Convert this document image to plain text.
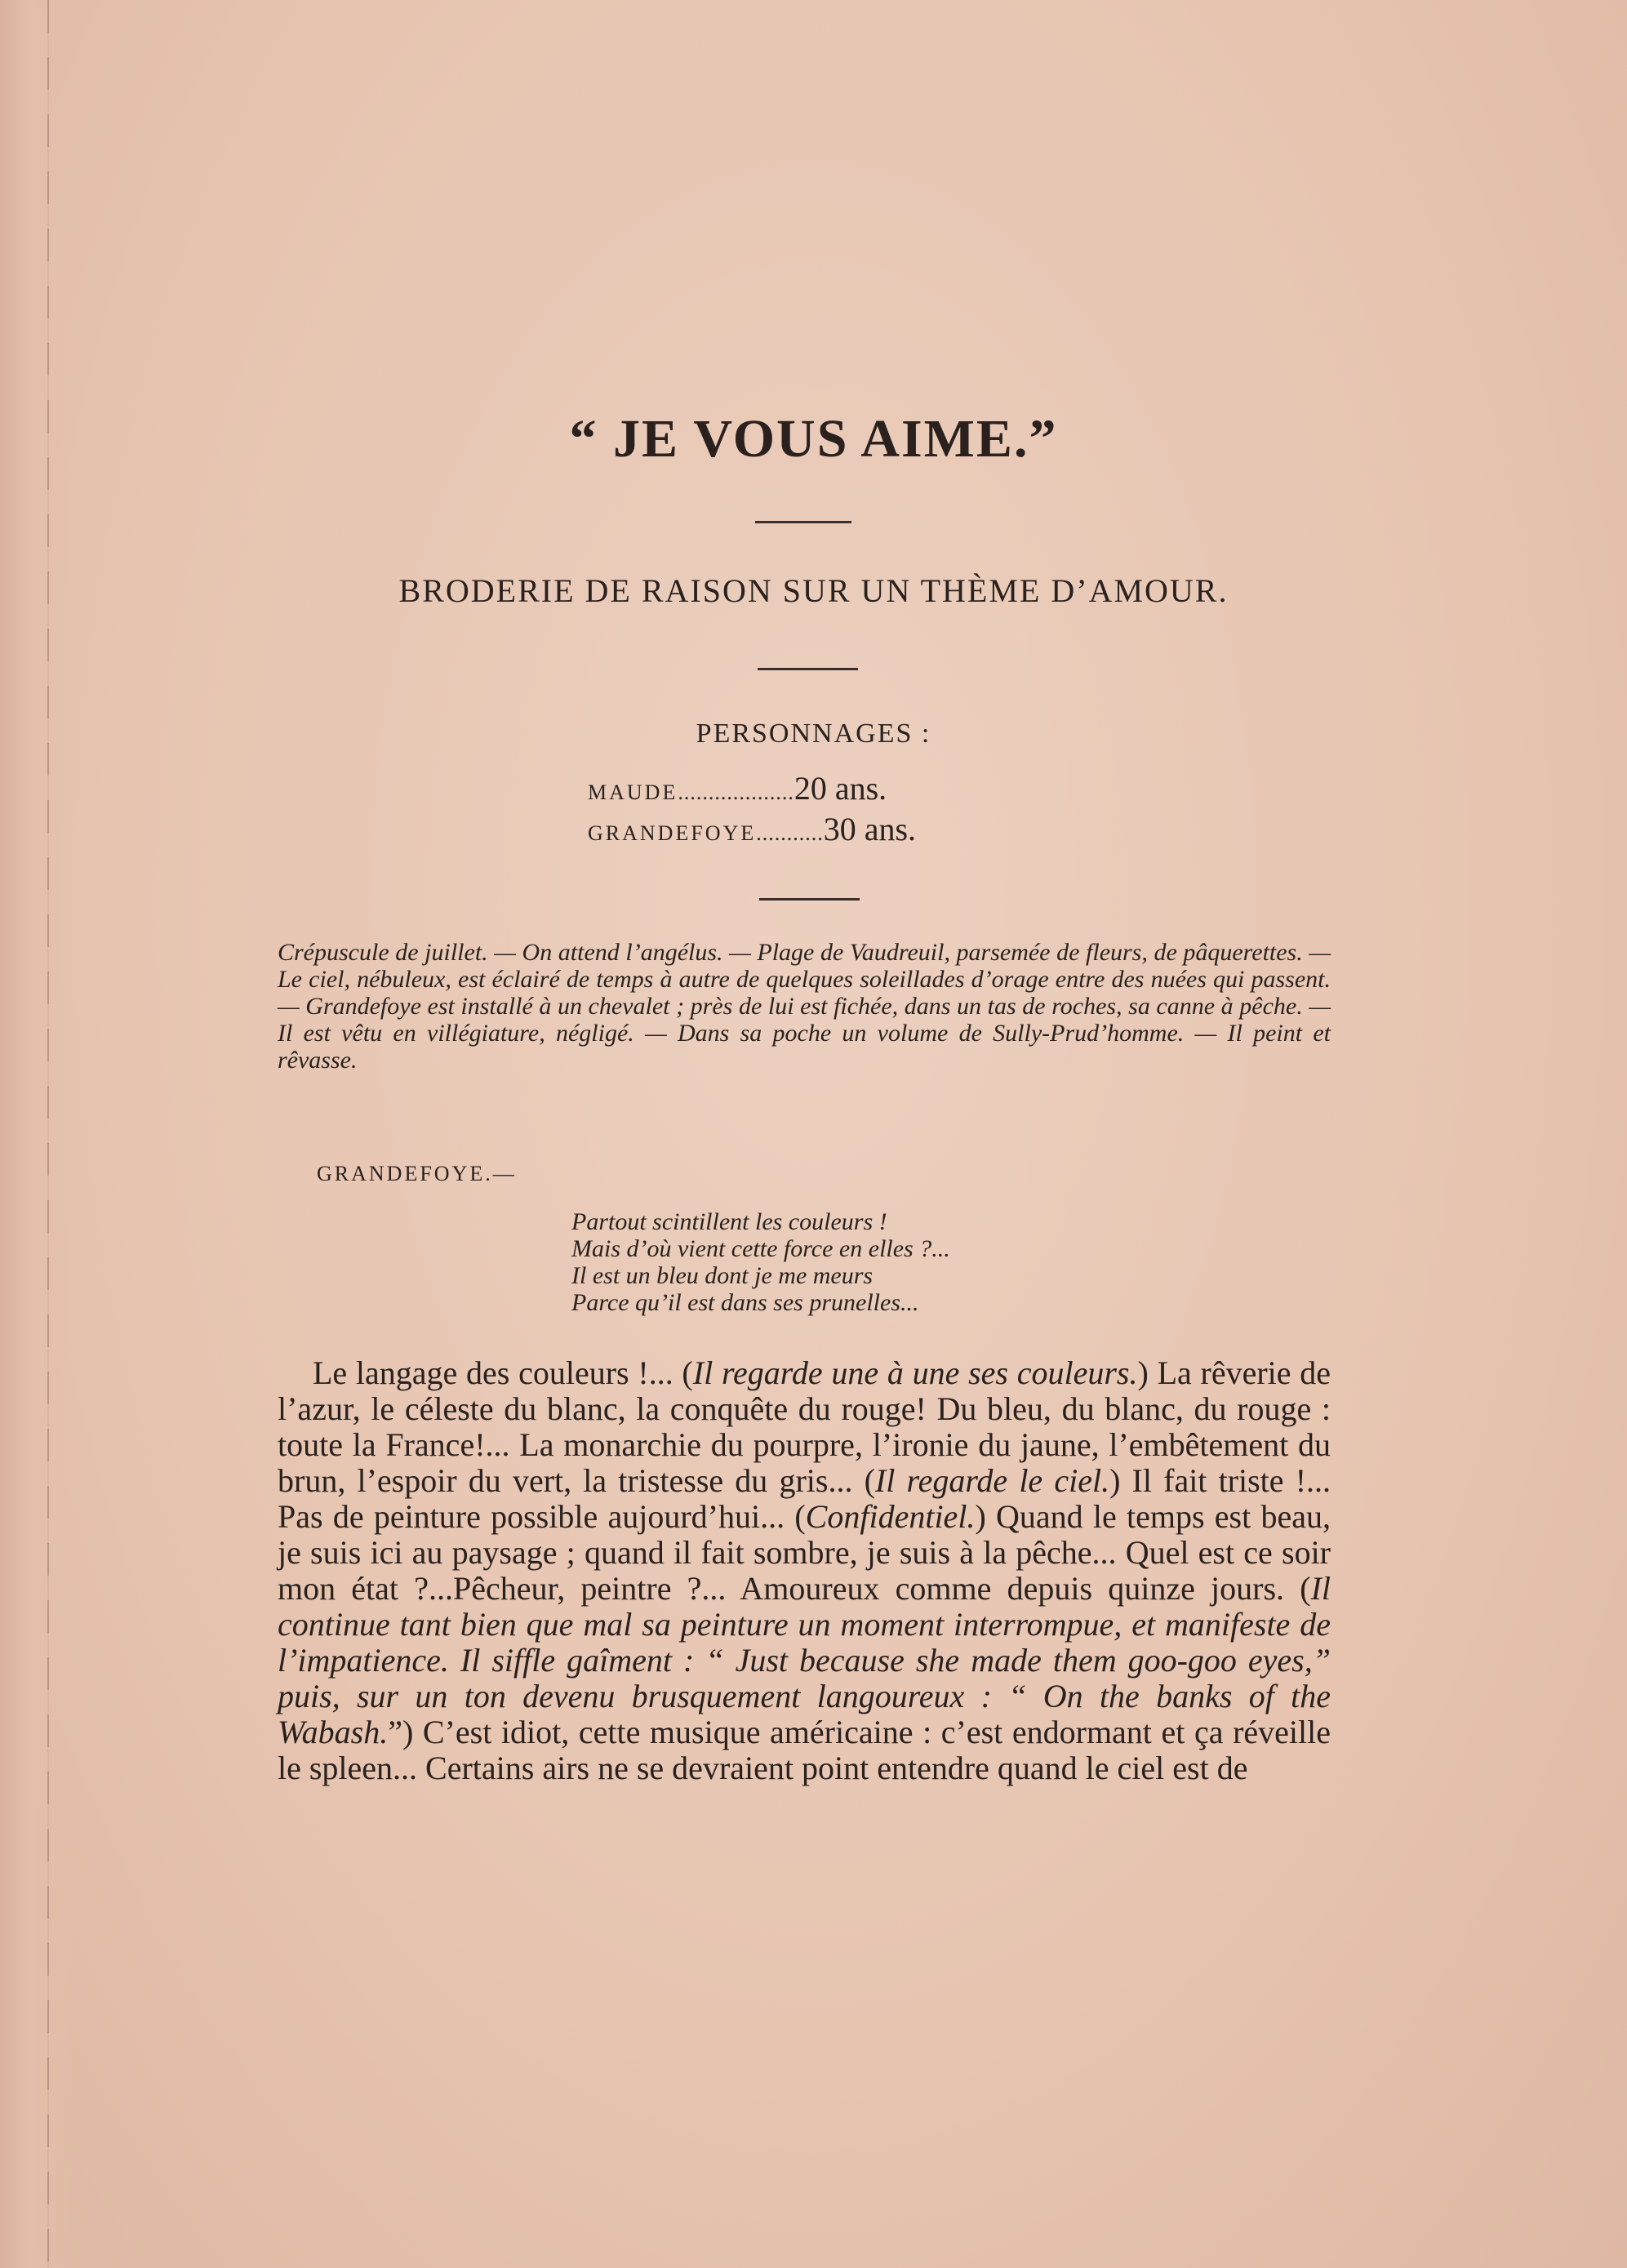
“ JE VOUS AIME.”
BRODERIE DE RAISON SUR UN THÈME D’AMOUR.
PERSONNAGES :
MAUDE...................20 ans.
GRANDEFOYE...........30 ans.
Crépuscule de juillet. — On attend l’angélus. — Plage de Vaudreuil, parsemée de fleurs, de pâquerettes. — Le ciel, nébuleux, est éclairé de temps à autre de quelques soleillades d’orage entre des nuées qui passent. — Grandefoye est installé à un chevalet ; près de lui est fichée, dans un tas de roches, sa canne à pêche. — Il est vêtu en villégiature, négligé. — Dans sa poche un volume de Sully-Prud’homme. — Il peint et rêvasse.
GRANDEFOYE.—
Partout scintillent les couleurs !
Mais d’où vient cette force en elles ?...
Il est un bleu dont je me meurs
Parce qu’il est dans ses prunelles...
Le langage des couleurs !... (Il regarde une à une ses couleurs.) La rêverie de l’azur, le céleste du blanc, la conquête du rouge! Du bleu, du blanc, du rouge : toute la France!... La monarchie du pourpre, l’ironie du jaune, l’embêtement du brun, l’espoir du vert, la tristesse du gris... (Il regarde le ciel.) Il fait triste !... Pas de peinture possible aujourd’hui... (Confidentiel.) Quand le temps est beau, je suis ici au paysage ; quand il fait sombre, je suis à la pêche... Quel est ce soir mon état ?...Pêcheur, peintre ?... Amoureux comme depuis quinze jours. (Il continue tant bien que mal sa peinture un moment interrompue, et manifeste de l’impatience. Il siffle gaîment : “ Just because she made them goo-goo eyes,” puis, sur un ton devenu brusquement langoureux : “ On the banks of the Wabash.”) C’est idiot, cette musique américaine : c’est endormant et ça réveille le spleen... Certains airs ne se devraient point entendre quand le ciel est de
